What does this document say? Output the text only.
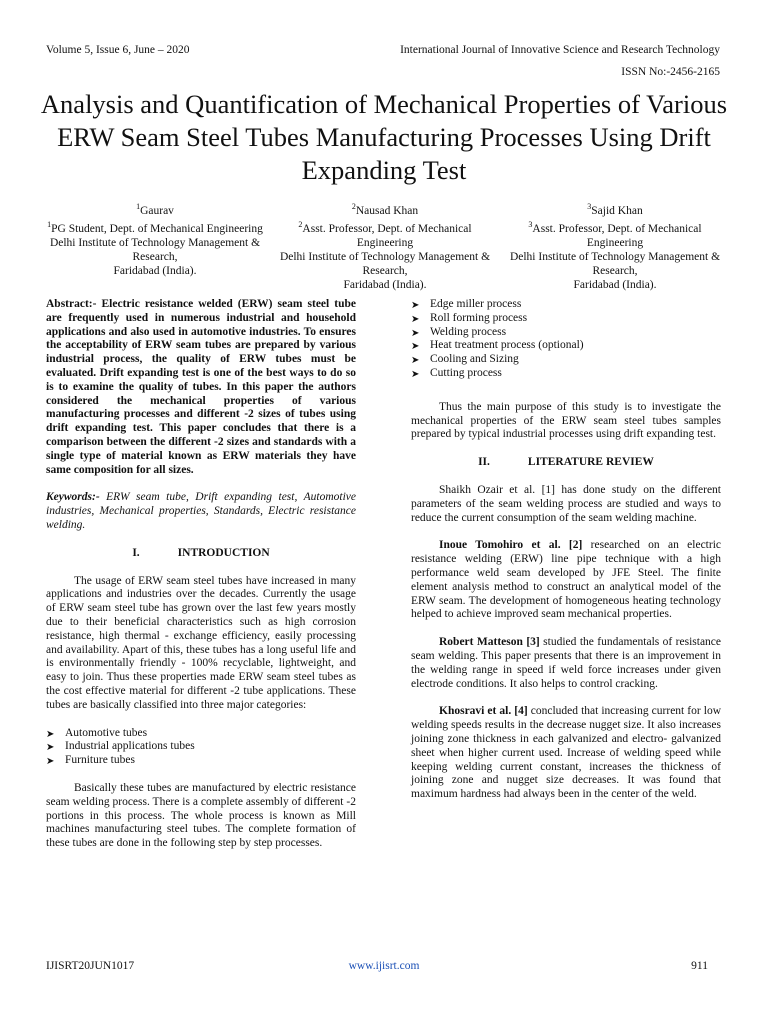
Volume 5, Issue 6, June – 2020	International Journal of Innovative Science and Research Technology
ISSN No:-2456-2165
Analysis and Quantification of Mechanical Properties of Various ERW Seam Steel Tubes Manufacturing Processes Using Drift Expanding Test
$^1$Gaurav
$^1$PG Student, Dept. of Mechanical Engineering
Delhi Institute of Technology Management & Research,
Faridabad (India).
$^2$Nausad Khan
$^2$Asst. Professor, Dept. of Mechanical Engineering
Delhi Institute of Technology Management & Research,
Faridabad (India).
$^3$Sajid Khan
$^3$Asst. Professor, Dept. of Mechanical Engineering
Delhi Institute of Technology Management & Research,
Faridabad (India).

Abstract:- Electric resistance welded (ERW) seam steel tube are frequently used in numerous industrial and household applications and also used in automotive industries. To ensures the acceptability of ERW seam tubes are prepared by various industrial process, the quality of ERW tubes must be evaluated. Drift expanding test is one of the best ways to do so is to examine the quality of tubes. In this paper the authors considered the mechanical properties of various manufacturing processes and different -2 sizes of tubes using drift expanding test. This paper concludes that there is a comparison between the different -2 sizes and standards with a single type of material known as ERW materials they have same composition for all sizes.

Keywords:- ERW seam tube, Drift expanding test, Automotive industries, Mechanical properties, Standards, Electric resistance welding.

I.	INTRODUCTION

The usage of ERW seam steel tubes have increased in many applications and industries over the decades. Currently the usage of ERW seam steel tube has grown over the last few years mostly due to their beneficial characteristics such as high corrosion resistance, high thermal - exchange efficiency, easily processing and availability. Apart of this, these tubes has a long useful life and is environmentally friendly - 100% recyclable, lightweight, and easy to join. Thus these properties made ERW seam steel tubes as the cost effective material for different -2 tube applications. These tubes are basically classified into three major categories:

➤ Automotive tubes
➤ Industrial applications tubes
➤ Furniture tubes

Basically these tubes are manufactured by electric resistance seam welding process. There is a complete assembly of different -2 portions in this process. The whole process is known as Mill machines manufacturing steel tubes. The complete formation of these tubes are done in the following step by step processes.

➤ Edge miller process
➤ Roll forming process
➤ Welding process
➤ Heat treatment process (optional)
➤ Cooling and Sizing
➤ Cutting process

Thus the main purpose of this study is to investigate the mechanical properties of the ERW seam steel tubes samples prepared by typical industrial processes using drift expanding test.

II.	LITERATURE REVIEW

Shaikh Ozair et al. [1] has done study on the different parameters of the seam welding process are studied and ways to reduce the current consumption of the seam welding machine.

Inoue Tomohiro et al. [2] researched on an electric resistance welding (ERW) line pipe technique with a high performance weld seam developed by JFE Steel. The finite element analysis method to construct an analytical model of the ERW seam. The development of homogeneous heating technology helped to achieve improved seam mechanical properties.

Robert Matteson [3] studied the fundamentals of resistance seam welding. This paper presents that there is an improvement in the welding range in speed if weld force increases under given electrode conditions. It also helps to control cracking.

Khosravi et al. [4] concluded that increasing current for low welding speeds results in the decrease nugget size. It also increases joining zone thickness in each galvanized and electro- galvanized sheet when higher current used. Increase of welding speed while keeping welding current constant, increases the thickness of joining zone and nugget size decreases. It was found that maximum hardness had always been in the center of the weld.

IJISRT20JUN1017	www.ijisrt.com	911
